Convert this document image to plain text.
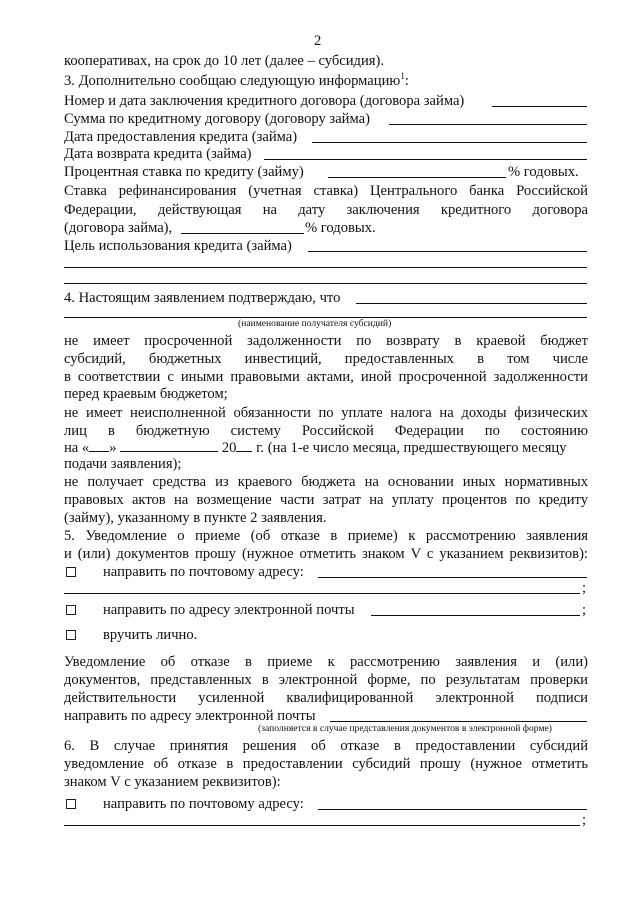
2
кооперативах, на срок до 10 лет (далее – субсидия).
3. Дополнительно сообщаю следующую информацию$^1$:
Номер и дата заключения кредитного договора (договора займа)
Сумма по кредитному договору (договору займа)
Дата предоставления кредита (займа)
Дата возврата кредита (займа)
Процентная ставка по кредиту (займу)	% годовых.
Ставка рефинансирования (учетная ставка) Центрального банка Российской
Федерации, действующая на дату заключения кредитного договора
(договора займа),	% годовых.
Цель использования кредита (займа)
4. Настоящим заявлением подтверждаю, что
(наименование получателя субсидий)
не имеет просроченной задолженности по возврату в краевой бюджет
субсидий, бюджетных инвестиций, предоставленных в том числе
в соответствии с иными правовыми актами, иной просроченной задолженности
перед краевым бюджетом;
не имеет неисполненной обязанности по уплате налога на доходы физических
лиц в бюджетную систему Российской Федерации по состоянию
на « »	20 г. (на 1-е число месяца, предшествующего месяцу
подачи заявления);
не получает средства из краевого бюджета на основании иных нормативных
правовых актов на возмещение части затрат на уплату процентов по кредиту
(займу), указанному в пункте 2 заявления.
5. Уведомление о приеме (об отказе в приеме) к рассмотрению заявления
и (или) документов прошу (нужное отметить знаком V с указанием реквизитов):
направить по почтовому адресу:
;
направить по адресу электронной почты	;
вручить лично.
Уведомление об отказе в приеме к рассмотрению заявления и (или)
документов, представленных в электронной форме, по результатам проверки
действительности усиленной квалифицированной электронной подписи
направить по адресу электронной почты
(заполняется в случае представления документов в электронной форме)
6. В случае принятия решения об отказе в предоставлении субсидий
уведомление об отказе в предоставлении субсидий прошу (нужное отметить
знаком V с указанием реквизитов):
направить по почтовому адресу:
;
